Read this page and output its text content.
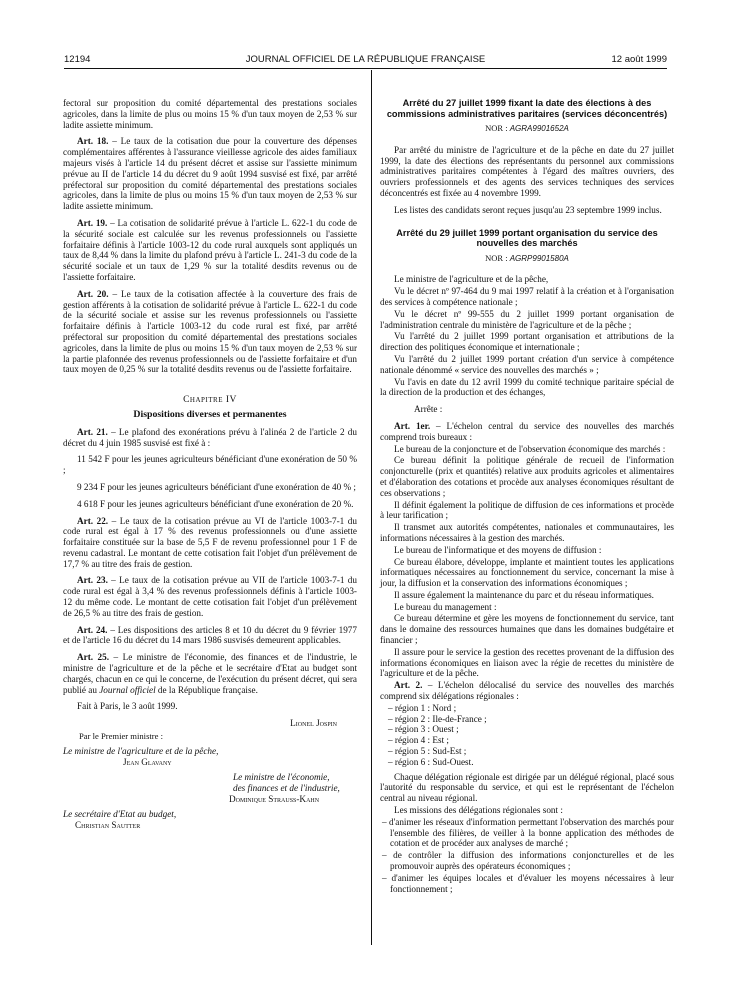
12194	JOURNAL OFFICIEL DE LA RÉPUBLIQUE FRANÇAISE	12 août 1999

fectoral sur proposition du comité départemental des prestations sociales agricoles, dans la limite de plus ou moins 15 % d'un taux moyen de 2,53 % sur ladite assiette minimum.

Art. 18. – Le taux de la cotisation due pour la couverture des dépenses complémentaires afférentes à l'assurance vieillesse agricole des aides familiaux majeurs visés à l'article 14 du présent décret et assise sur l'assiette minimum prévue au II de l'article 14 du décret du 9 août 1994 susvisé est fixé, par arrêté préfectoral sur proposition du comité départemental des prestations sociales agricoles, dans la limite de plus ou moins 15 % d'un taux moyen de 2,53 % sur ladite assiette minimum.

Art. 19. – La cotisation de solidarité prévue à l'article L. 622-1 du code de la sécurité sociale est calculée sur les revenus professionnels ou l'assiette forfaitaire définis à l'article 1003-12 du code rural auxquels sont appliqués un taux de 8,44 % dans la limite du plafond prévu à l'article L. 241-3 du code de la sécurité sociale et un taux de 1,29 % sur la totalité desdits revenus ou de l'assiette forfaitaire.

Art. 20. – Le taux de la cotisation affectée à la couverture des frais de gestion afférents à la cotisation de solidarité prévue à l'article L. 622-1 du code de la sécurité sociale et assise sur les revenus professionnels ou l'assiette forfaitaire définis à l'article 1003-12 du code rural est fixé, par arrêté préfectoral sur proposition du comité départemental des prestations sociales agricoles, dans la limite de plus ou moins 15 % d'un taux moyen de 2,53 % sur la partie plafonnée des revenus professionnels ou de l'assiette forfaitaire et d'un taux moyen de 0,25 % sur la totalité desdits revenus ou de l'assiette forfaitaire.

Chapitre IV
Dispositions diverses et permanentes

Art. 21. – Le plafond des exonérations prévu à l'alinéa 2 de l'article 2 du décret du 4 juin 1985 susvisé est fixé à :

11 542 F pour les jeunes agriculteurs bénéficiant d'une exonération de 50 % ;

9 234 F pour les jeunes agriculteurs bénéficiant d'une exonération de 40 % ;

4 618 F pour les jeunes agriculteurs bénéficiant d'une exonération de 20 %.

Art. 22. – Le taux de la cotisation prévue au VI de l'article 1003-7-1 du code rural est égal à 17 % des revenus professionnels ou d'une assiette forfaitaire constituée sur la base de 5,5 F de revenu professionnel pour 1 F de revenu cadastral. Le montant de cette cotisation fait l'objet d'un prélèvement de 17,7 % au titre des frais de gestion.

Art. 23. – Le taux de la cotisation prévue au VII de l'article 1003-7-1 du code rural est égal à 3,4 % des revenus professionnels définis à l'article 1003-12 du même code. Le montant de cette cotisation fait l'objet d'un prélèvement de 26,5 % au titre des frais de gestion.

Art. 24. – Les dispositions des articles 8 et 10 du décret du 9 février 1977 et de l'article 16 du décret du 14 mars 1986 susvisés demeurent applicables.

Art. 25. – Le ministre de l'économie, des finances et de l'industrie, le ministre de l'agriculture et de la pêche et le secrétaire d'Etat au budget sont chargés, chacun en ce qui le concerne, de l'exécution du présent décret, qui sera publié au Journal officiel de la République française.

Fait à Paris, le 3 août 1999.

Lionel Jospin
Par le Premier ministre :
Le ministre de l'agriculture et de la pêche,
Jean Glavany
Le ministre de l'économie,
des finances et de l'industrie,
Dominique Strauss-Kahn
Le secrétaire d'Etat au budget,
Christian Sautter
Arrêté du 27 juillet 1999 fixant la date des élections à des commissions administratives paritaires (services déconcentrés)
NOR : AGRA9901652A

Par arrêté du ministre de l'agriculture et de la pêche en date du 27 juillet 1999, la date des élections des représentants du personnel aux commissions administratives paritaires compétentes à l'égard des maîtres ouvriers, des ouvriers professionnels et des agents des services techniques des services déconcentrés est fixée au 4 novembre 1999.

Les listes des candidats seront reçues jusqu'au 23 septembre 1999 inclus.

Arrêté du 29 juillet 1999 portant organisation du service des nouvelles des marchés
NOR : AGRP9901580A

Le ministre de l'agriculture et de la pêche,

Vu le décret nº 97-464 du 9 mai 1997 relatif à la création et à l'organisation des services à compétence nationale ;

Vu le décret nº 99-555 du 2 juillet 1999 portant organisation de l'administration centrale du ministère de l'agriculture et de la pêche ;

Vu l'arrêté du 2 juillet 1999 portant organisation et attributions de la direction des politiques économique et internationale ;

Vu l'arrêté du 2 juillet 1999 portant création d'un service à compétence nationale dénommé « service des nouvelles des marchés » ;

Vu l'avis en date du 12 avril 1999 du comité technique paritaire spécial de la direction de la production et des échanges,

Arrête :

Art. 1er. – L'échelon central du service des nouvelles des marchés comprend trois bureaux :

Le bureau de la conjoncture et de l'observation économique des marchés :

Ce bureau définit la politique générale de recueil de l'information conjoncturelle (prix et quantités) relative aux produits agricoles et alimentaires et d'élaboration des cotations et procède aux analyses économiques résultant de ces observations ;

Il définit également la politique de diffusion de ces informations et procède à leur tarification ;

Il transmet aux autorités compétentes, nationales et communautaires, les informations nécessaires à la gestion des marchés.

Le bureau de l'informatique et des moyens de diffusion :

Ce bureau élabore, développe, implante et maintient toutes les applications informatiques nécessaires au fonctionnement du service, concernant la mise à jour, la diffusion et la conservation des informations économiques ;

Il assure également la maintenance du parc et du réseau informatiques.

Le bureau du management :

Ce bureau détermine et gère les moyens de fonctionnement du service, tant dans le domaine des ressources humaines que dans les domaines budgétaire et financier ;

Il assure pour le service la gestion des recettes provenant de la diffusion des informations économiques en liaison avec la régie de recettes du ministère de l'agriculture et de la pêche.

Art. 2. – L'échelon délocalisé du service des nouvelles des marchés comprend six délégations régionales :

– région 1 : Nord ;
– région 2 : Ile-de-France ;
– région 3 : Ouest ;
– région 4 : Est ;
– région 5 : Sud-Est ;
– région 6 : Sud-Ouest.

Chaque délégation régionale est dirigée par un délégué régional, placé sous l'autorité du responsable du service, et qui est le représentant de l'échelon central au niveau régional.

Les missions des délégations régionales sont :

– d'animer les réseaux d'information permettant l'observation des marchés pour l'ensemble des filières, de veiller à la bonne application des méthodes de cotation et de procéder aux analyses de marché ;
– de contrôler la diffusion des informations conjoncturelles et de les promouvoir auprès des opérateurs économiques ;
– d'animer les équipes locales et d'évaluer les moyens nécessaires à leur fonctionnement ;
